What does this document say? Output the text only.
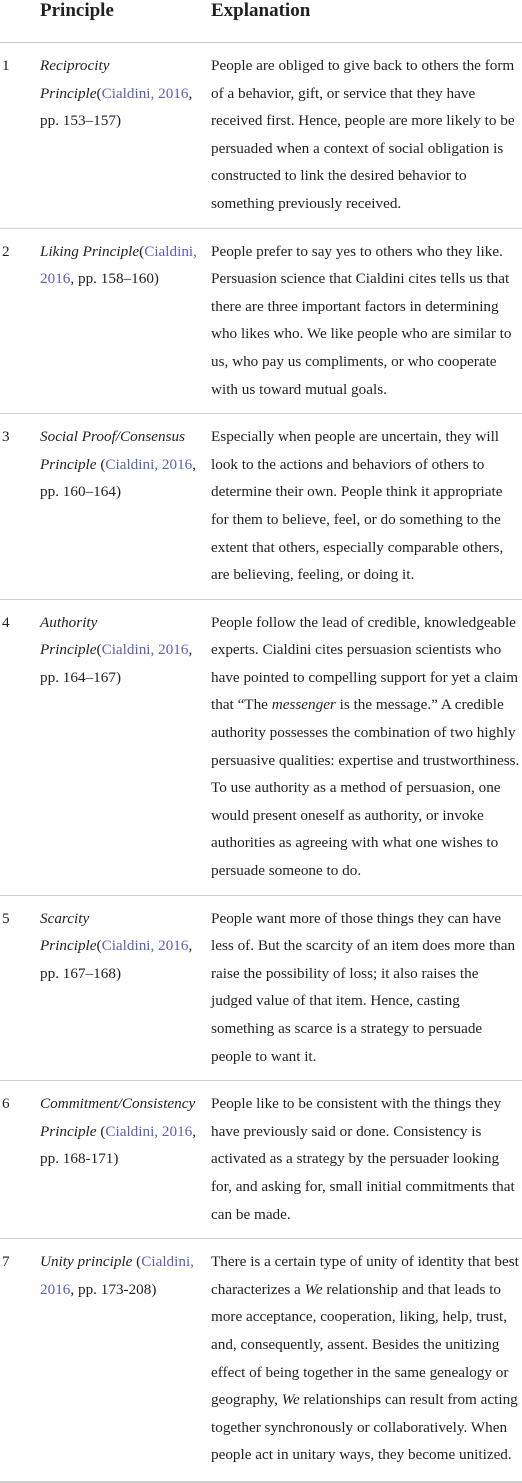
	Principle	Explanation
1	Reciprocity Principle(Cialdini, 2016, pp. 153–157)	People are obliged to give back to others the form of a behavior, gift, or service that they have received first. Hence, people are more likely to be persuaded when a context of social obligation is constructed to link the desired behavior to something previously received.
2	Liking Principle(Cialdini, 2016, pp. 158–160)	People prefer to say yes to others who they like. Persuasion science that Cialdini cites tells us that there are three important factors in determining who likes who. We like people who are similar to us, who pay us compliments, or who cooperate with us toward mutual goals.
3	Social Proof/Consensus Principle (Cialdini, 2016, pp. 160–164)	Especially when people are uncertain, they will look to the actions and behaviors of others to determine their own. People think it appropriate for them to believe, feel, or do something to the extent that others, especially comparable others, are believing, feeling, or doing it.
4	Authority Principle(Cialdini, 2016, pp. 164–167)	People follow the lead of credible, knowledgeable experts. Cialdini cites persuasion scientists who have pointed to compelling support for yet a claim that “The messenger is the message.” A credible authority possesses the combination of two highly persuasive qualities: expertise and trustworthiness. To use authority as a method of persuasion, one would present oneself as authority, or invoke authorities as agreeing with what one wishes to persuade someone to do.
5	Scarcity Principle(Cialdini, 2016, pp. 167–168)	People want more of those things they can have less of. But the scarcity of an item does more than raise the possibility of loss; it also raises the judged value of that item. Hence, casting something as scarce is a strategy to persuade people to want it.
6	Commitment/Consistency Principle (Cialdini, 2016, pp. 168-171)	People like to be consistent with the things they have previously said or done. Consistency is activated as a strategy by the persuader looking for, and asking for, small initial commitments that can be made.
7	Unity principle (Cialdini, 2016, pp. 173-208)	There is a certain type of unity of identity that best characterizes a We relationship and that leads to more acceptance, cooperation, liking, help, trust, and, consequently, assent. Besides the unitizing effect of being together in the same genealogy or geography, We relationships can result from acting together synchronously or collaboratively. When people act in unitary ways, they become unitized.
